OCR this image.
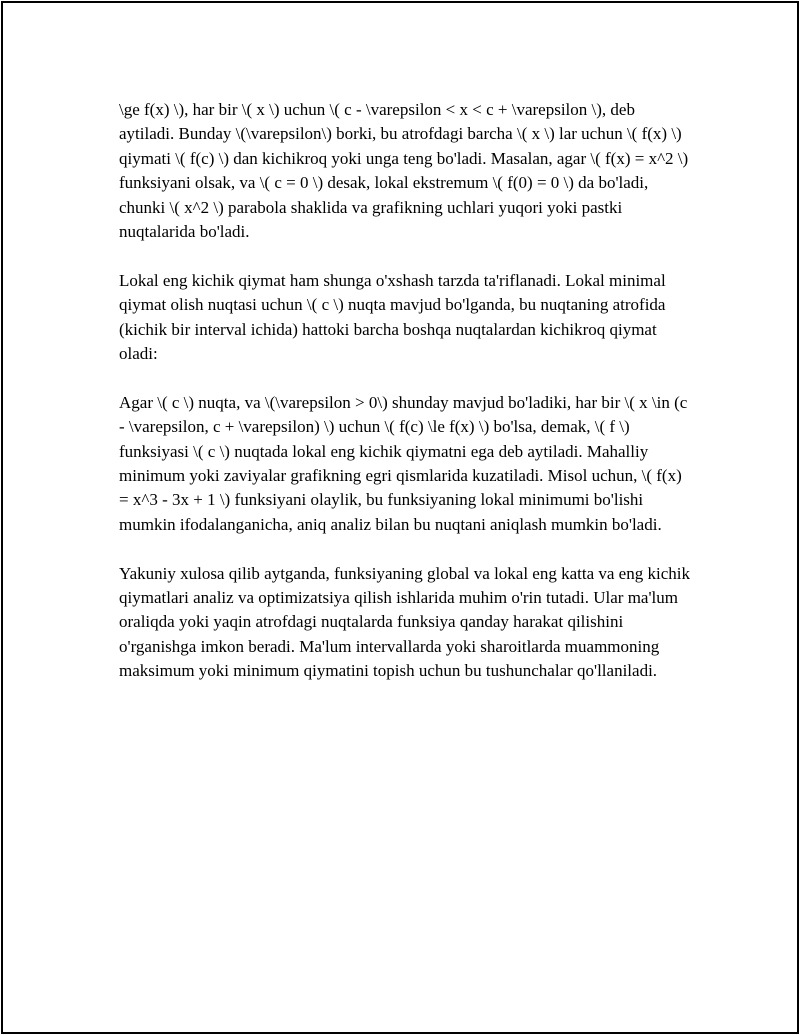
\ge f(x) \), har bir \( x \) uchun \( c - \varepsilon < x < c + \varepsilon \), deb aytiladi. Bunday \(\varepsilon\) borki, bu atrofdagi barcha \( x \) lar uchun \( f(x) \) qiymati \( f(c) \) dan kichikroq yoki unga teng bo'ladi. Masalan, agar \( f(x) = x^2 \) funksiyani olsak, va \( c = 0 \) desak, lokal ekstremum \( f(0) = 0 \) da bo'ladi, chunki \( x^2 \) parabola shaklida va grafikning uchlari yuqori yoki pastki nuqtalarida bo'ladi.

Lokal eng kichik qiymat ham shunga o'xshash tarzda ta'riflanadi. Lokal minimal qiymat olish nuqtasi uchun \( c \) nuqta mavjud bo'lganda, bu nuqtaning atrofida (kichik bir interval ichida) hattoki barcha boshqa nuqtalardan kichikroq qiymat oladi:

Agar \( c \) nuqta, va \(\varepsilon > 0\) shunday mavjud bo'ladiki, har bir \( x \in (c - \varepsilon, c + \varepsilon) \) uchun \( f(c) \le f(x) \) bo'lsa, demak, \( f \) funksiyasi \( c \) nuqtada lokal eng kichik qiymatni ega deb aytiladi. Mahalliy minimum yoki zaviyalar grafikning egri qismlarida kuzatiladi. Misol uchun, \( f(x) = x^3 - 3x + 1 \) funksiyani olaylik, bu funksiyaning lokal minimumi bo'lishi mumkin ifodalanganicha, aniq analiz bilan bu nuqtani aniqlash mumkin bo'ladi.

Yakuniy xulosa qilib aytganda, funksiyaning global va lokal eng katta va eng kichik qiymatlari analiz va optimizatsiya qilish ishlarida muhim o'rin tutadi. Ular ma'lum oraliqda yoki yaqin atrofdagi nuqtalarda funksiya qanday harakat qilishini o'rganishga imkon beradi. Ma'lum intervallarda yoki sharoitlarda muammoning maksimum yoki minimum qiymatini topish uchun bu tushunchalar qo'llaniladi.
